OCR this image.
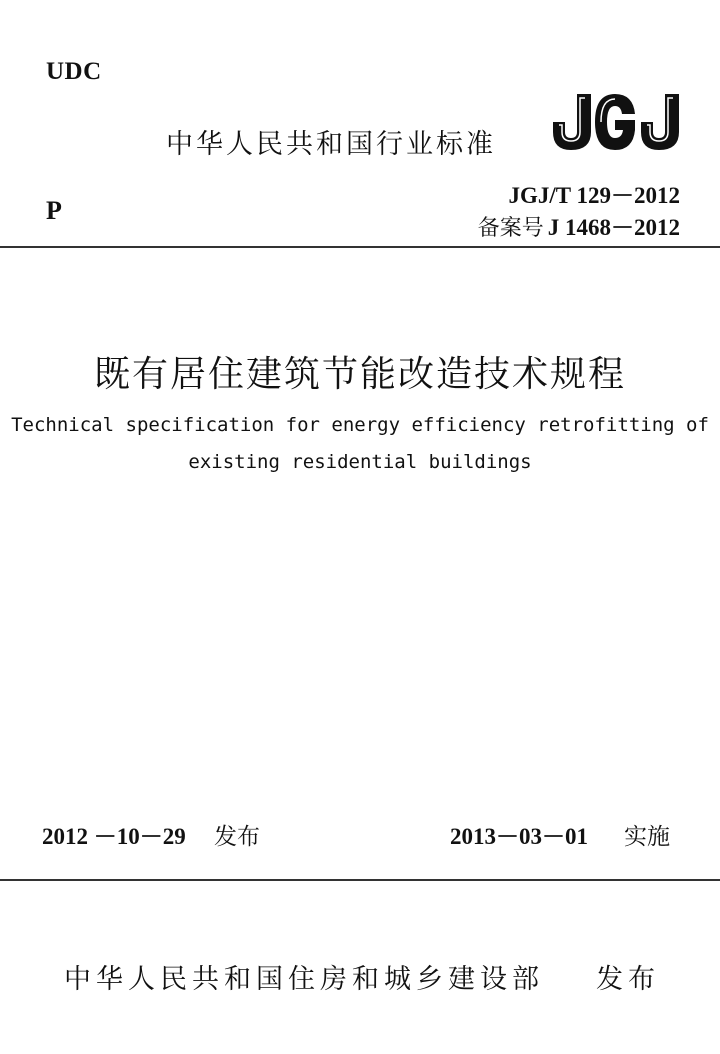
UDC
中华人民共和国行业标准
P
JGJ/T 129－2012
备案号 J 1468－2012
既有居住建筑节能改造技术规程
Technical specification for energy efficiency retrofitting of
existing residential buildings
2012 －10－29 发布	2013－03－01 实施
中华人民共和国住房和城乡建设部 发布
